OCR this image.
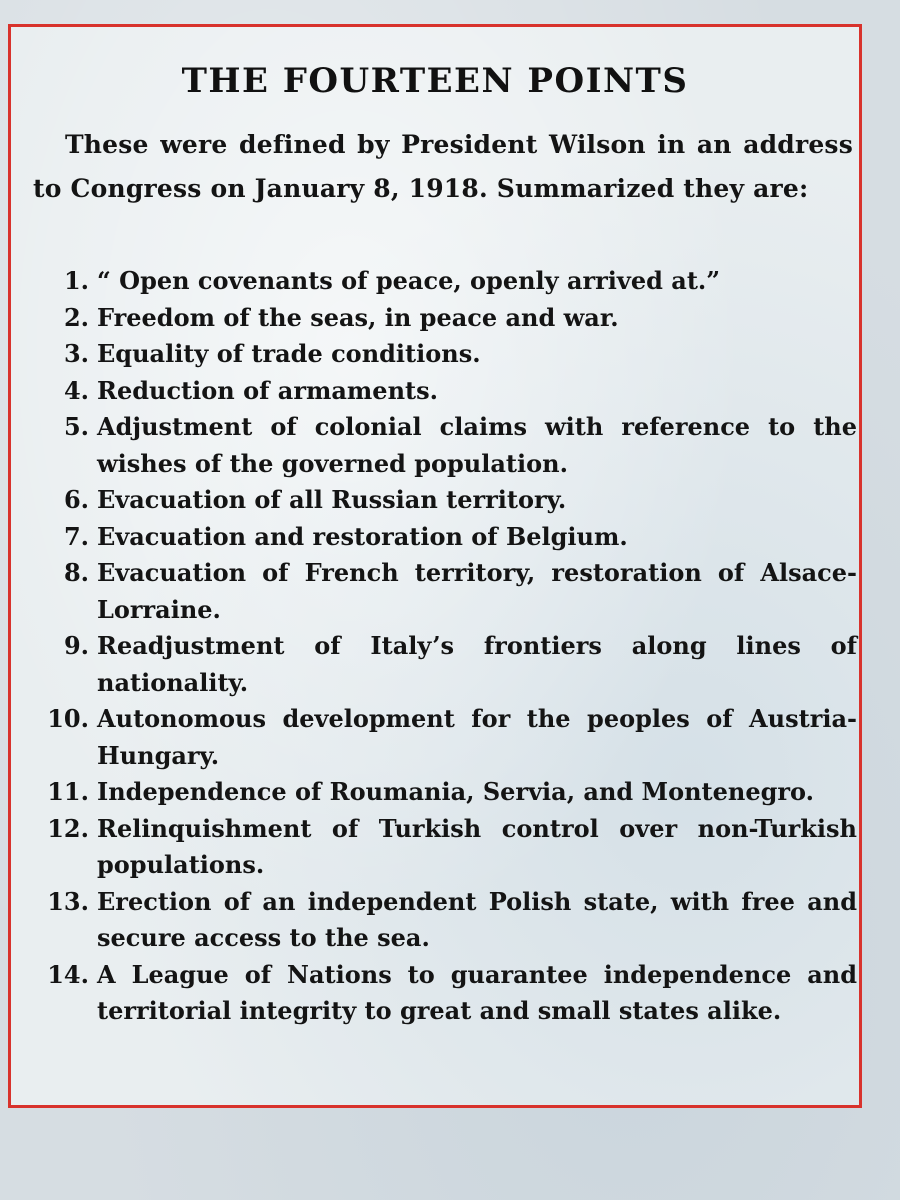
THE FOURTEEN POINTS
These were defined by President Wilson in an address to Congress on January 8, 1918. Summarized they are:
1. “ Open covenants of peace, openly arrived at.”
2. Freedom of the seas, in peace and war.
3. Equality of trade conditions.
4. Reduction of armaments.
5. Adjustment of colonial claims with reference to the wishes of the governed population.
6. Evacuation of all Russian territory.
7. Evacuation and restoration of Belgium.
8. Evacuation of French territory, restoration of Alsace-Lorraine.
9. Readjustment of Italy’s frontiers along lines of nationality.
10. Autonomous development for the peoples of Austria-Hungary.
11. Independence of Roumania, Servia, and Montenegro.
12. Relinquishment of Turkish control over non-Turkish populations.
13. Erection of an independent Polish state, with free and secure access to the sea.
14. A League of Nations to guarantee independence and territorial integrity to great and small states alike.
